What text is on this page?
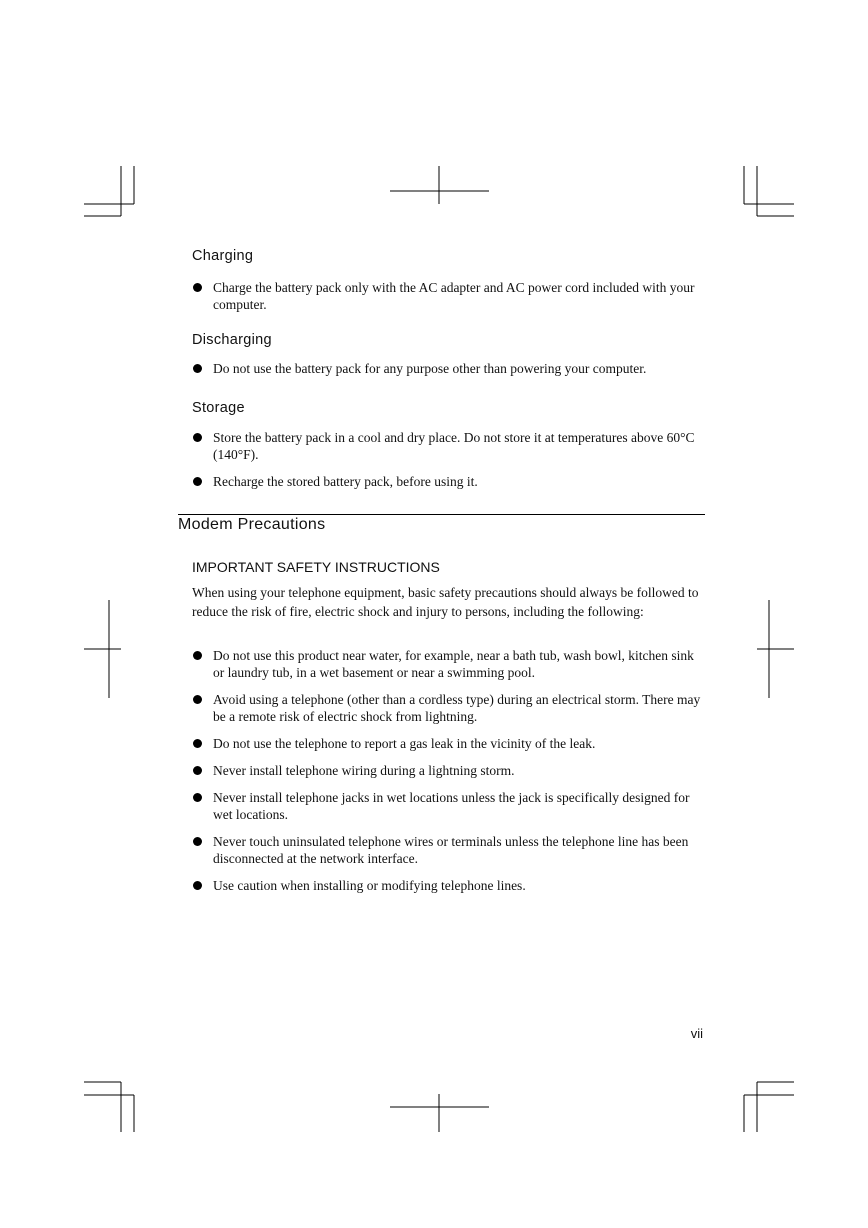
Charging
Charge the battery pack only with the AC adapter and AC power cord included with your computer.
Discharging
Do not use the battery pack for any purpose other than powering your computer.
Storage
Store the battery pack in a cool and dry place. Do not store it at temperatures above 60°C (140°F).
Recharge the stored battery pack, before using it.
Modem Precautions
IMPORTANT SAFETY INSTRUCTIONS

When using your telephone equipment, basic safety precautions should always be followed to reduce the risk of fire, electric shock and injury to persons, including the following:

Do not use this product near water, for example, near a bath tub, wash bowl, kitchen sink or laundry tub, in a wet basement or near a swimming pool.
Avoid using a telephone (other than a cordless type) during an electrical storm. There may be a remote risk of electric shock from lightning.
Do not use the telephone to report a gas leak in the vicinity of the leak.
Never install telephone wiring during a lightning storm.
Never install telephone jacks in wet locations unless the jack is specifically designed for wet locations.
Never touch uninsulated telephone wires or terminals unless the telephone line has been disconnected at the network interface.
Use caution when installing or modifying telephone lines.

vii
